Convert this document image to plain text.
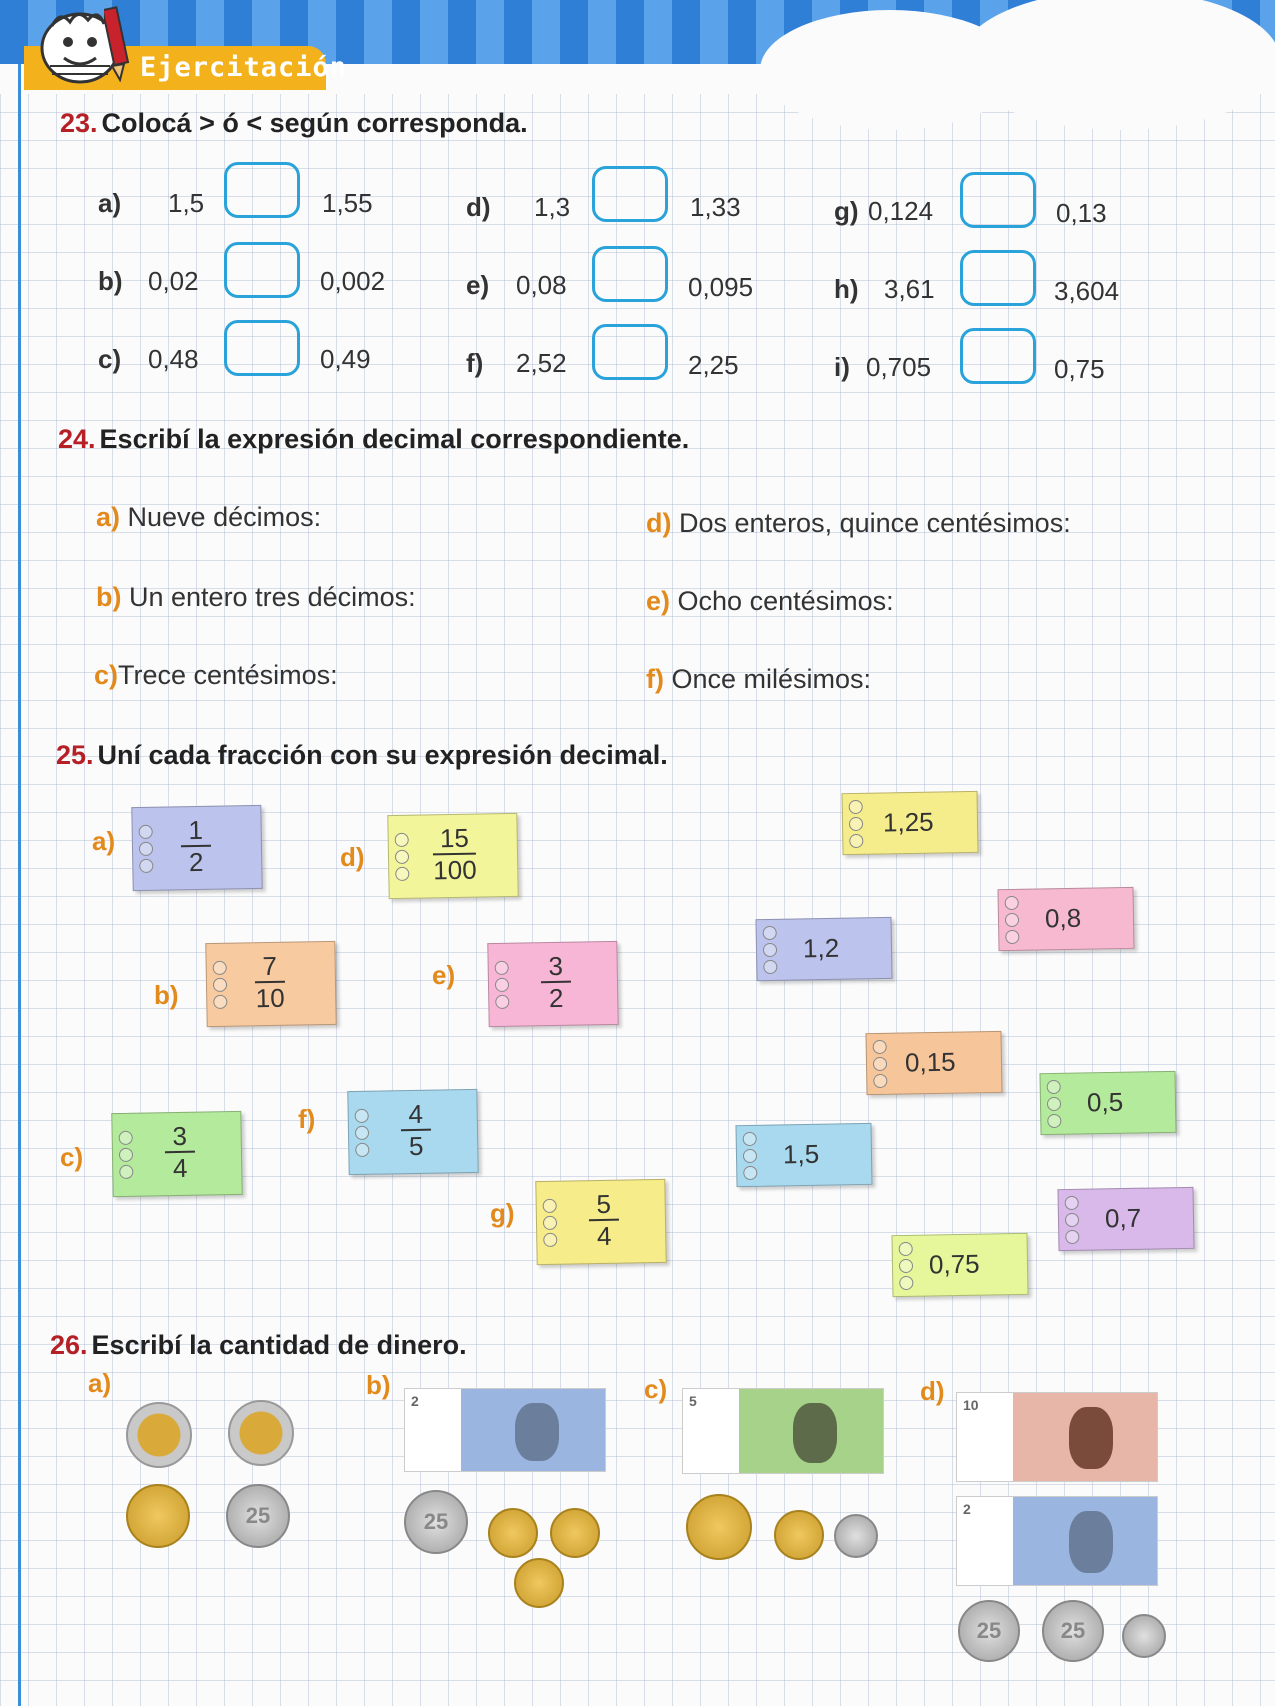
Ejercitación
23. Colocá > ó < según corresponda.
a) 1,5	1,55
b) 0,02	0,002
c) 0,48	0,49
d) 1,3	1,33
e) 0,08	0,095
f) 2,52	2,25
g) 0,124	0,13
h) 3,61	3,604
i) 0,705	0,75
24. Escribí la expresión decimal correspondiente.
a) Nueve décimos:
b) Un entero tres décimos:
c)Trece centésimos:
d) Dos enteros, quince centésimos:
e) Ocho centésimos:
f) Once milésimos:
25. Uní cada fracción con su expresión decimal.
a)	1
2
b)
7
10
c)
3
4
d)
15
100
e)	3
2
f)	4
5
g)	5
4
1,25
0,8
1,2
0,15
0,5
1,5
0,7
0,75
26. Escribí la cantidad de dinero.
a)	b)	c)	d)
25
2
25
5	10
2
25	25
